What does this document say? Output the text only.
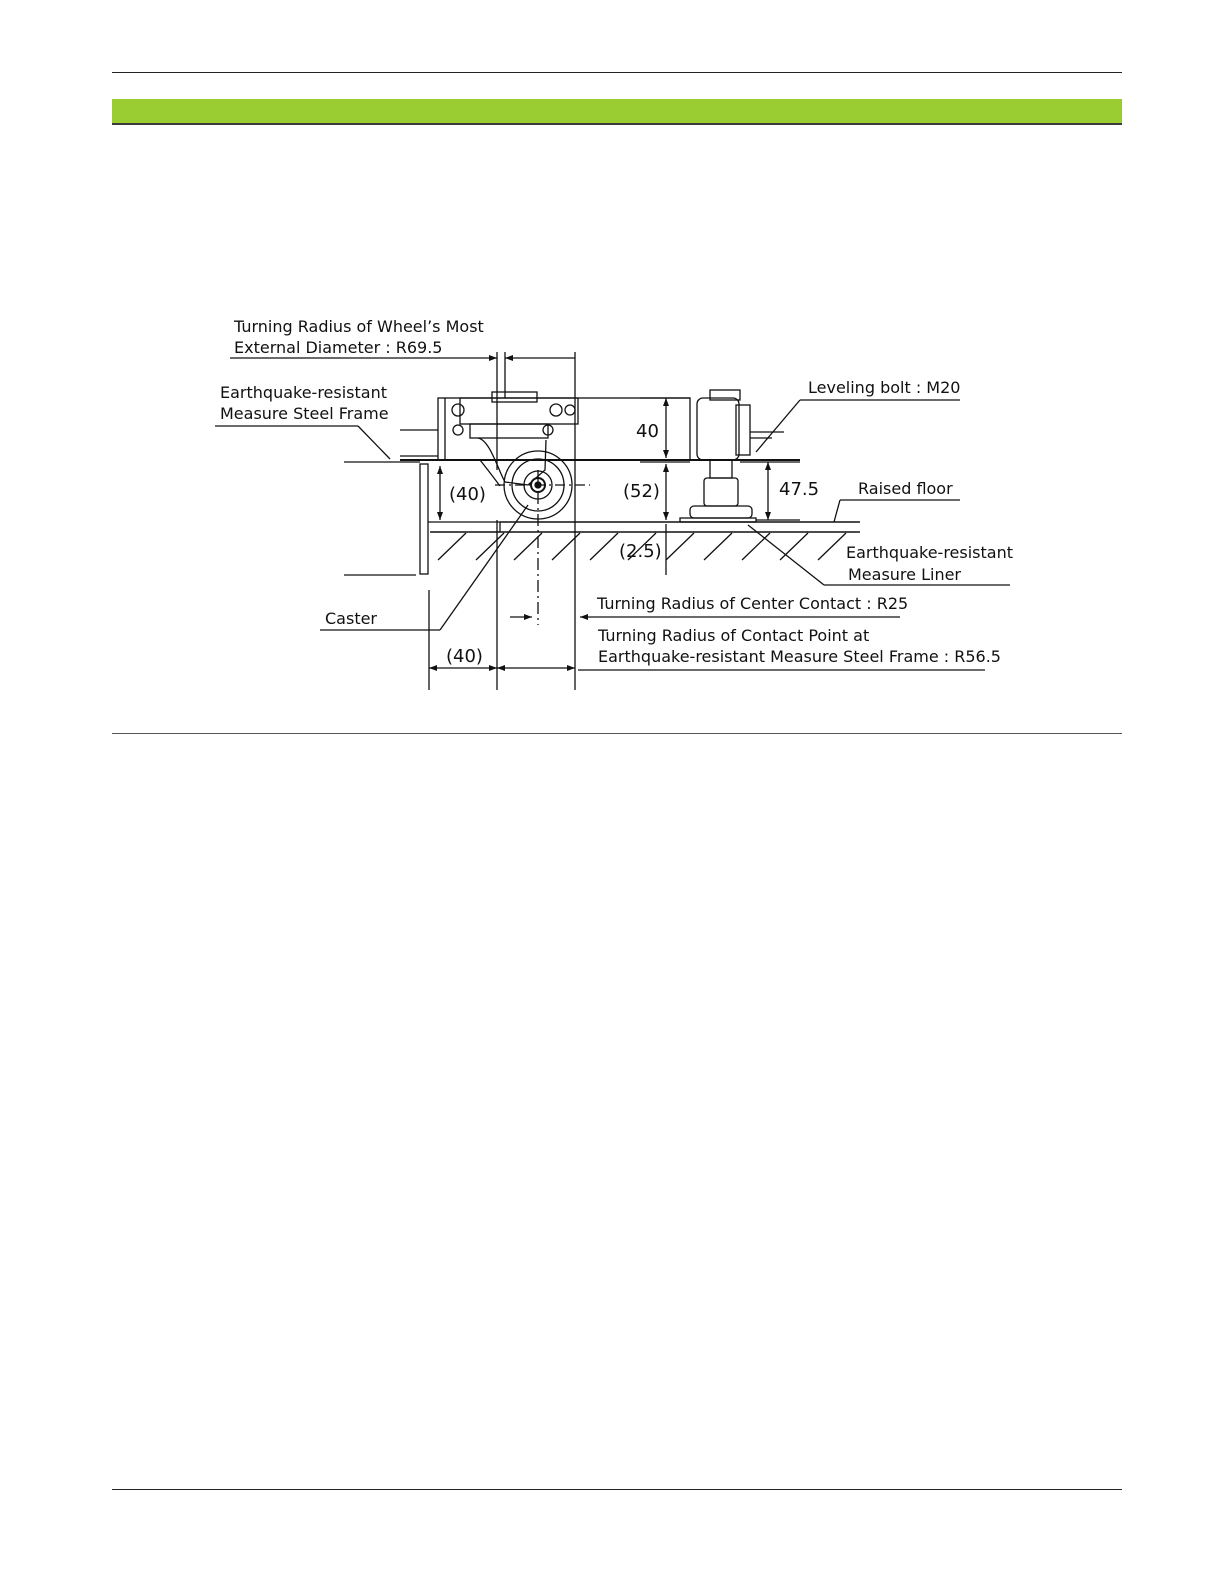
Turning Radius of Wheel’s Most
External Diameter : R69.5
Earthquake-resistant
Measure Steel Frame
Leveling bolt : M20
Raised floor
Earthquake-resistant
Measure Liner
Caster
Turning Radius of Center Contact : R25
Turning Radius of Contact Point at
Earthquake-resistant Measure Steel Frame : R56.5
40
(40)	(52)	47.5
(2.5)
(40)
